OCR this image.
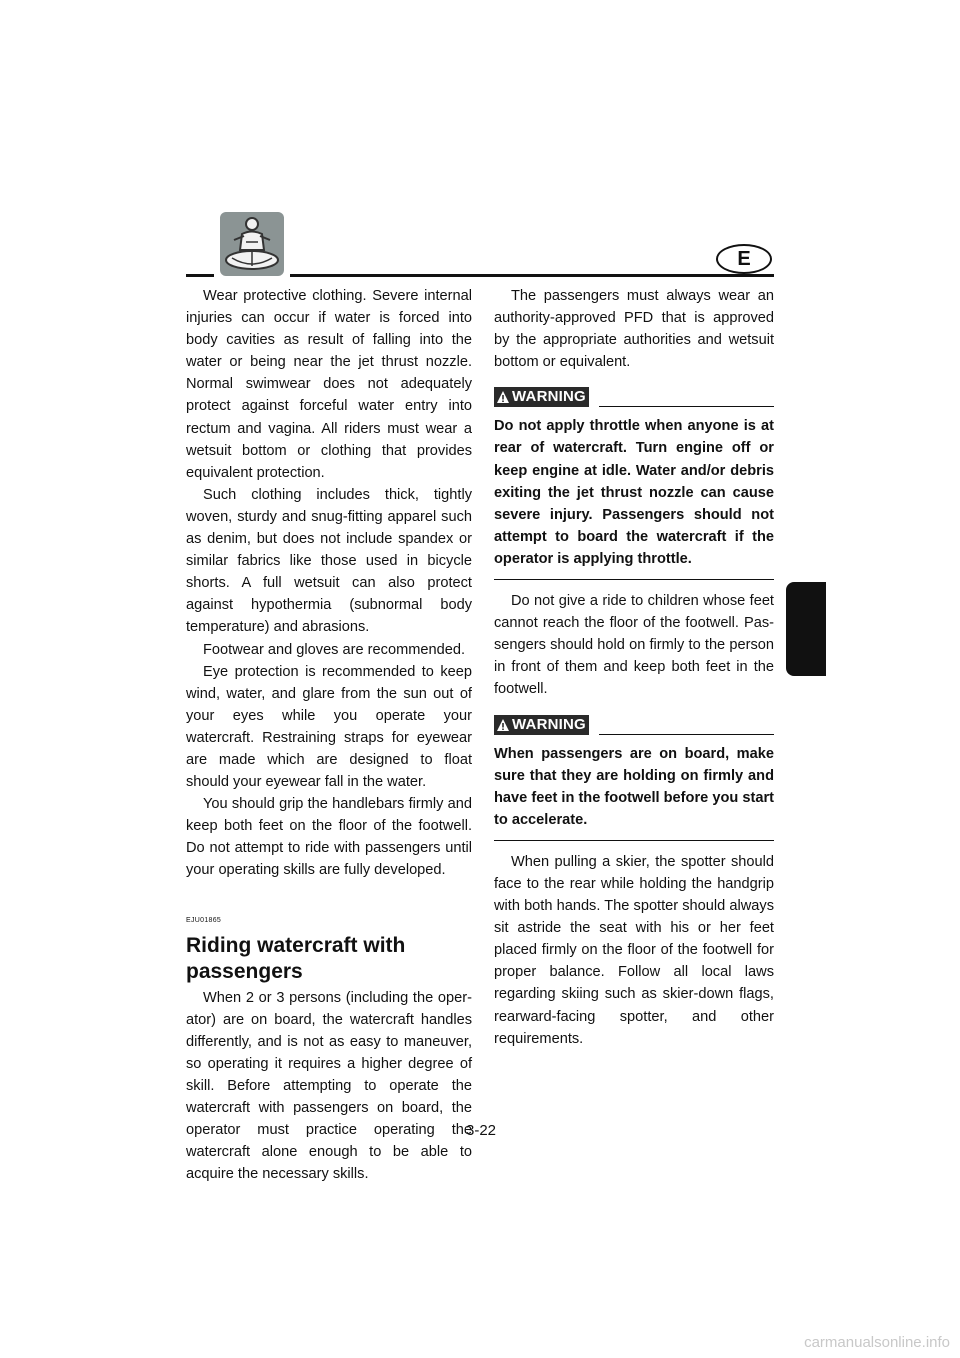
E

Wear protective clothing. Severe internal injuries can occur if water is forced into body cavities as result of falling into the water or being near the jet thrust nozzle. Normal swimwear does not adequately protect against forceful water entry into rectum and vagina. All riders must wear a wetsuit bottom or clothing that provides equivalent protection.

Such clothing includes thick, tightly woven, sturdy and snug-fitting apparel such as denim, but does not include spandex or similar fabrics like those used in bicycle shorts. A full wetsuit can also protect against hypothermia (subnormal body temperature) and abrasions.

Footwear and gloves are recommended.

Eye protection is recommended to keep wind, water, and glare from the sun out of your eyes while you operate your watercraft. Restraining straps for eyewear are made which are designed to float should your eyewear fall in the water.

You should grip the handlebars firmly and keep both feet on the floor of the footwell. Do not attempt to ride with passengers until your operating skills are fully developed.

EJU01865
Riding watercraft with passengers

When 2 or 3 persons (including the operator) are on board, the watercraft handles differently, and is not as easy to maneuver, so operating it requires a higher degree of skill. Before attempting to operate the watercraft with passengers on board, the operator must practice operating the watercraft alone enough to be able to acquire the necessary skills.

The passengers must always wear an authority-approved PFD that is approved by the appropriate authorities and wetsuit bottom or equivalent.

WARNING

Do not apply throttle when anyone is at rear of watercraft. Turn engine off or keep engine at idle. Water and/or debris exiting the jet thrust nozzle can cause severe injury. Passengers should not attempt to board the watercraft if the operator is applying throttle.

Do not give a ride to children whose feet cannot reach the floor of the footwell. Passengers should hold on firmly to the person in front of them and keep both feet in the footwell.

WARNING

When passengers are on board, make sure that they are holding on firmly and have feet in the footwell before you start to accelerate.

When pulling a skier, the spotter should face to the rear while holding the handgrip with both hands. The spotter should always sit astride the seat with his or her feet placed firmly on the floor of the footwell for proper balance. Follow all local laws regarding skiing such as skier-down flags, rearward-facing spotter, and other requirements.

3-22
carmanualsonline.info
